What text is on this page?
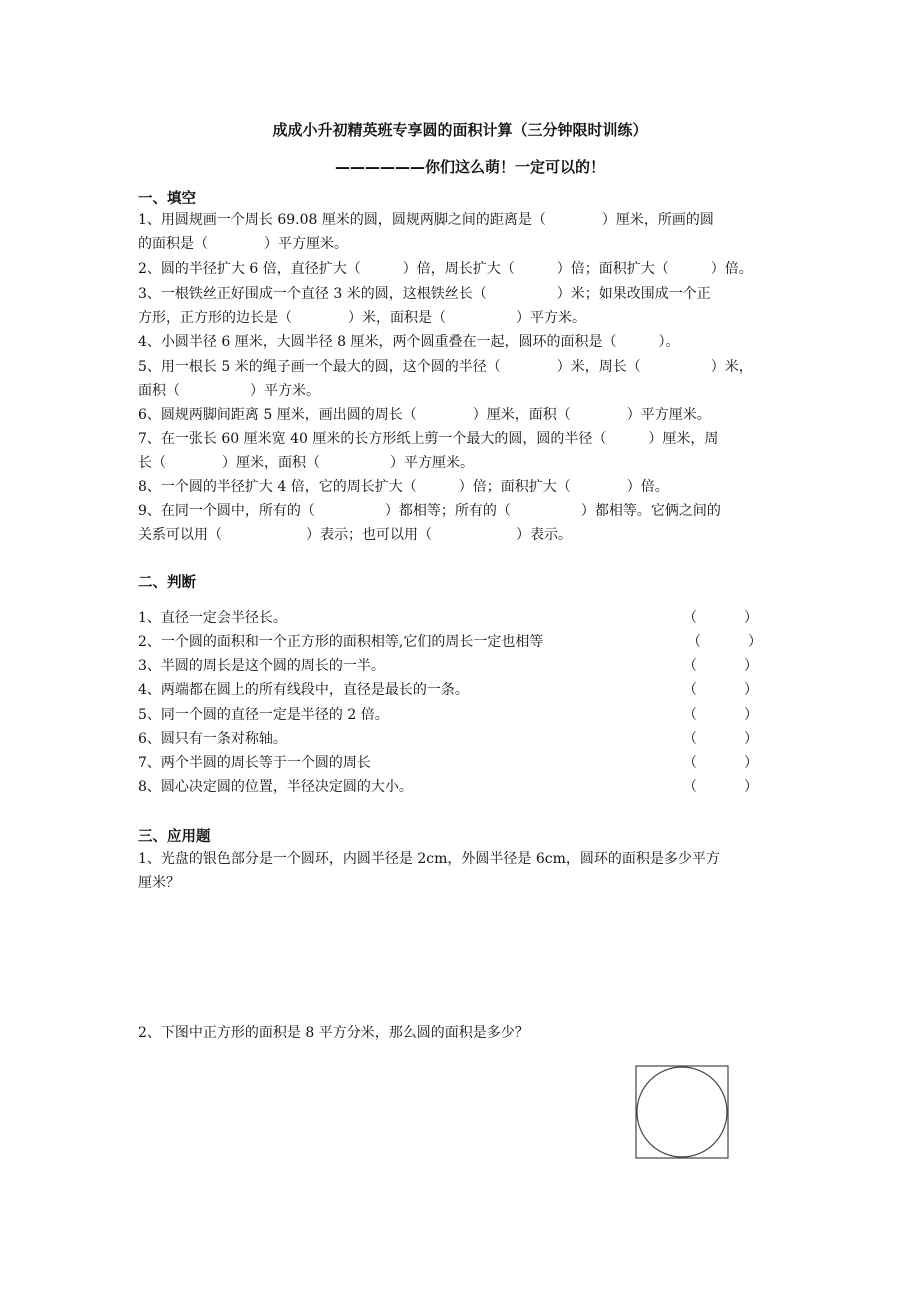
成成小升初精英班专享圆的面积计算（三分钟限时训练）
——————你们这么萌！一定可以的！
一、填空
1、用圆规画一个周长 69.08 厘米的圆，圆规两脚之间的距离是（　　　　）厘米，所画的圆
的面积是（　　　　）平方厘米。
2、圆的半径扩大 6 倍，直径扩大（　　　）倍，周长扩大（　　　）倍；面积扩大（　　　）倍。
3、一根铁丝正好围成一个直径 3 米的圆，这根铁丝长（　　　　　）米；如果改围成一个正
方形，正方形的边长是（　　　　）米，面积是（　　　　　）平方米。
4、小圆半径 6 厘米，大圆半径 8 厘米，两个圆重叠在一起，圆环的面积是（　　　）。
5、用一根长 5 米的绳子画一个最大的圆，这个圆的半径（　　　　）米，周长（　　　　　）米，
面积（　　　　　）平方米。
6、圆规两脚间距离 5 厘米，画出圆的周长（　　　　）厘米，面积（　　　　）平方厘米。
7、在一张长 60 厘米宽 40 厘米的长方形纸上剪一个最大的圆，圆的半径（　　　）厘米，周
长（　　　　）厘米，面积（　　　　　）平方厘米。
8、一个圆的半径扩大 4 倍，它的周长扩大（　　　）倍；面积扩大（　　　　）倍。
9、在同一个圆中，所有的（　　　　　）都相等；所有的（　　　　　）都相等。它俩之间的
关系可以用（　　　　　　）表示；也可以用（　　　　　　）表示。
二、判断
1、直径一定会半径长。	（	）
2、一个圆的面积和一个正方形的面积相等,它们的周长一定也相等	（	）
3、半圆的周长是这个圆的周长的一半。	（	）
4、两端都在圆上的所有线段中，直径是最长的一条。	（	）
5、同一个圆的直径一定是半径的 2 倍。	（	）
6、圆只有一条对称轴。	（	）
7、两个半圆的周长等于一个圆的周长	（	）
8、圆心决定圆的位置，半径决定圆的大小。	（	）
三、应用题
1、光盘的银色部分是一个圆环，内圆半径是 2cm，外圆半径是 6cm，圆环的面积是多少平方
厘米？
2、下图中正方形的面积是 8 平方分米，那么圆的面积是多少？
